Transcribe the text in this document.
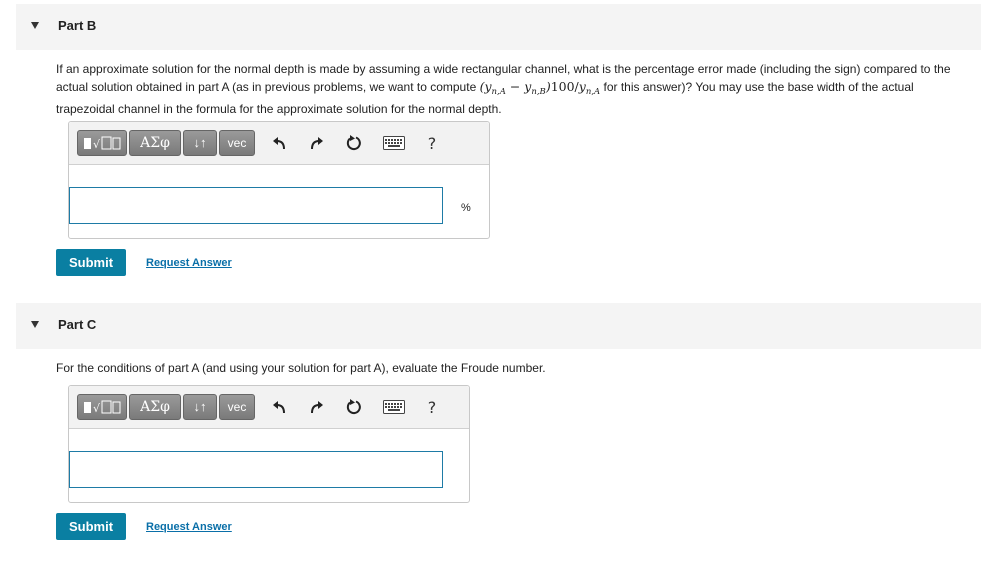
Part B
If an approximate solution for the normal depth is made by assuming a wide rectangular channel, what is the percentage error made (including the sign) compared to the actual solution obtained in part A (as in previous problems, we want to compute $(y_{n,A} - y_{n,B})100/y_{n,A}$ for this answer)? You may use the base width of the actual trapezoidal channel in the formula for the approximate solution for the normal depth.
√	ΑΣφ	↓↑	vec	?
%
Submit	Request Answer
Part C
For the conditions of part A (and using your solution for part A), evaluate the Froude number.
√	ΑΣφ	↓↑	vec	?
Submit	Request Answer
